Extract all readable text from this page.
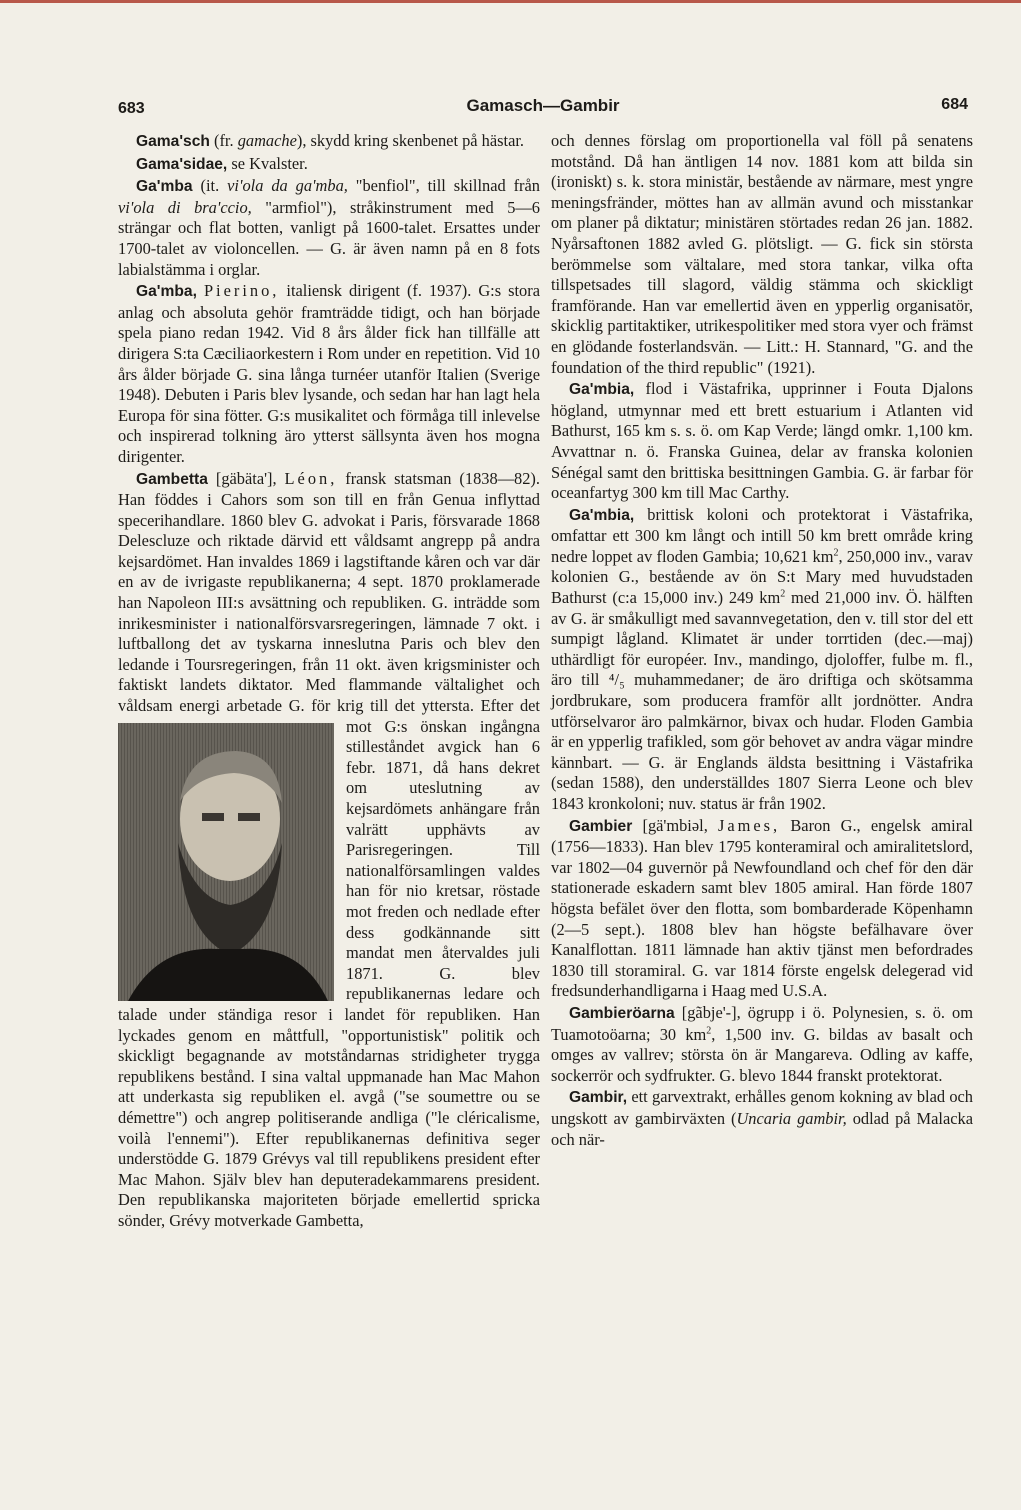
683	Gamasch—Gambir	684

Gama'sch (fr. gamache), skydd kring skenbenet på hästar.

Gama'sidae, se Kvalster.

Ga'mba (it. vi'ola da ga'mba, "benfiol", till skillnad från vi'ola di bra'ccio, "armfiol"), stråkinstrument med 5—6 strängar och flat botten, vanligt på 1600-talet. Ersattes under 1700-talet av violoncellen. — G. är även namn på en 8 fots labialstämma i orglar.

Ga'mba, Pierino, italiensk dirigent (f. 1937). G:s stora anlag och absoluta gehör framträdde tidigt, och han började spela piano redan 1942. Vid 8 års ålder fick han tillfälle att dirigera S:ta Cæciliaorkestern i Rom under en repetition. Vid 10 års ålder började G. sina långa turnéer utanför Italien (Sverige 1948). Debuten i Paris blev lysande, och sedan har han lagt hela Europa för sina fötter. G:s musikalitet och förmåga till inlevelse och inspirerad tolkning äro ytterst sällsynta även hos mogna dirigenter.

Gambetta [gäbäta'], Léon, fransk statsman (1838—82). Han föddes i Cahors som son till en från Genua inflyttad specerihandlare. 1860 blev G. advokat i Paris, försvarade 1868 Delescluze och riktade därvid ett våldsamt angrepp på andra kejsardömet. Han invaldes 1869 i lagstiftande kåren och var där en av de ivrigaste republikanerna; 4 sept. 1870 proklamerade han Napoleon III:s avsättning och republiken. G. inträdde som inrikesminister i nationalförsvarsregeringen, lämnade 7 okt. i luftballong det av tyskarna inneslutna Paris och blev den ledande i Toursregeringen, från 11 okt. även krigsminister och faktiskt landets diktator. Med flammande vältalighet och våldsam energi arbetade G. för krig till det yttersta. Efter det mot G:s önskan
ingångna stilleståndet avgick han 6 febr. 1871, då hans dekret om uteslutning av kejsardömets anhängare från valrätt upphävts av Parisregeringen. Till nationalförsamlingen valdes han för nio kretsar, röstade mot freden och nedlade efter dess godkännande sitt mandat men återvaldes juli 1871. G. blev republikanernas ledare och talade under ständiga resor i landet för republiken. Han lyckades genom en måttfull, "opportunistisk" politik och skickligt begagnande av motståndarnas stridigheter trygga republikens bestånd. I sina valtal uppmanade han Mac Mahon att underkasta sig republiken el. avgå ("se soumettre ou se démettre") och angrep politiserande andliga ("le cléricalisme, voilà l'ennemi"). Efter republikanernas definitiva seger understödde G. 1879 Grévys val till republikens president efter Mac Mahon. Själv blev han deputeradekammarens president. Den republikanska majoriteten började emellertid spricka sönder, Grévy motverkade Gambetta,

och dennes förslag om proportionella val föll på senatens motstånd. Då han äntligen 14 nov. 1881 kom att bilda sin (ironiskt) s. k. stora ministär, bestående av närmare, mest yngre meningsfränder, möttes han av allmän avund och misstankar om planer på diktatur; ministären störtades redan 26 jan. 1882. Nyårsaftonen 1882 avled G. plötsligt. — G. fick sin största berömmelse som vältalare, med stora tankar, vilka ofta tillspetsades till slagord, väldig stämma och skickligt framförande. Han var emellertid även en ypperlig organisatör, skicklig partitaktiker, utrikespolitiker med stora vyer och främst en glödande fosterlandsvän. — Litt.: H. Stannard, "G. and the foundation of the third republic" (1921).

Ga'mbia, flod i Västafrika, upprinner i Fouta Djalons högland, utmynnar med ett brett estuarium i Atlanten vid Bathurst, 165 km s. s. ö. om Kap Verde; längd omkr. 1,100 km. Avvattnar n. ö. Franska Guinea, delar av franska kolonien Sénégal samt den brittiska besittningen Gambia. G. är farbar för oceanfartyg 300 km till Mac Carthy.

Ga'mbia, brittisk koloni och protektorat i Västafrika, omfattar ett 300 km långt och intill 50 km brett område kring nedre loppet av floden Gambia; 10,621 $km^2$, 250,000 inv., varav kolonien G., bestående av ön S:t Mary med huvudstaden Bathurst (c:a 15,000 inv.) 249 $km^2$ med 21,000 inv. Ö. hälften av G. är småkulligt med savannvegetation, den v. till stor del ett sumpigt lågland. Klimatet är under torrtiden (dec.—maj) uthärdligt för européer. Inv., mandingo, djoloffer, fulbe m. fl., äro till ⁴/₅ muhammedaner; de äro driftiga och skötsamma jordbrukare, som producera framför allt jordnötter. Andra utförselvaror äro palmkärnor, bivax och hudar. Floden Gambia är en ypperlig trafikled, som gör behovet av andra vägar mindre kännbart. — G. är Englands äldsta besittning i Västafrika (sedan 1588), den underställdes 1807 Sierra Leone och blev 1843 kronkoloni; nuv. status är från 1902.

Gambier [gä'mbiəl, James, Baron G., engelsk amiral (1756—1833). Han blev 1795 konteramiral och amiralitetslord, var 1802—04 guvernör på Newfoundland och chef för den där stationerade eskadern samt blev 1805 amiral. Han förde 1807 högsta befälet över den flotta, som bombarderade Köpenhamn (2—5 sept.). 1808 blev han högste befälhavare över Kanalflottan. 1811 lämnade han aktiv tjänst men befordrades 1830 till storamiral. G. var 1814 förste engelsk delegerad vid fredsunderhandligarna i Haag med U.S.A.

Gambieröarna [gãbje'-], ögrupp i ö. Polynesien, s. ö. om Tuamotoöarna; 30 $km^2$, 1,500 inv. G. bildas av basalt och omges av vallrev; största ön är Mangareva. Odling av kaffe, sockerrör och sydfrukter. G. blevo 1844 franskt protektorat.

Gambir, ett garvextrakt, erhålles genom kokning av blad och ungskott av gambirväxten (Uncaria gambir, odlad på Malacka och när-
